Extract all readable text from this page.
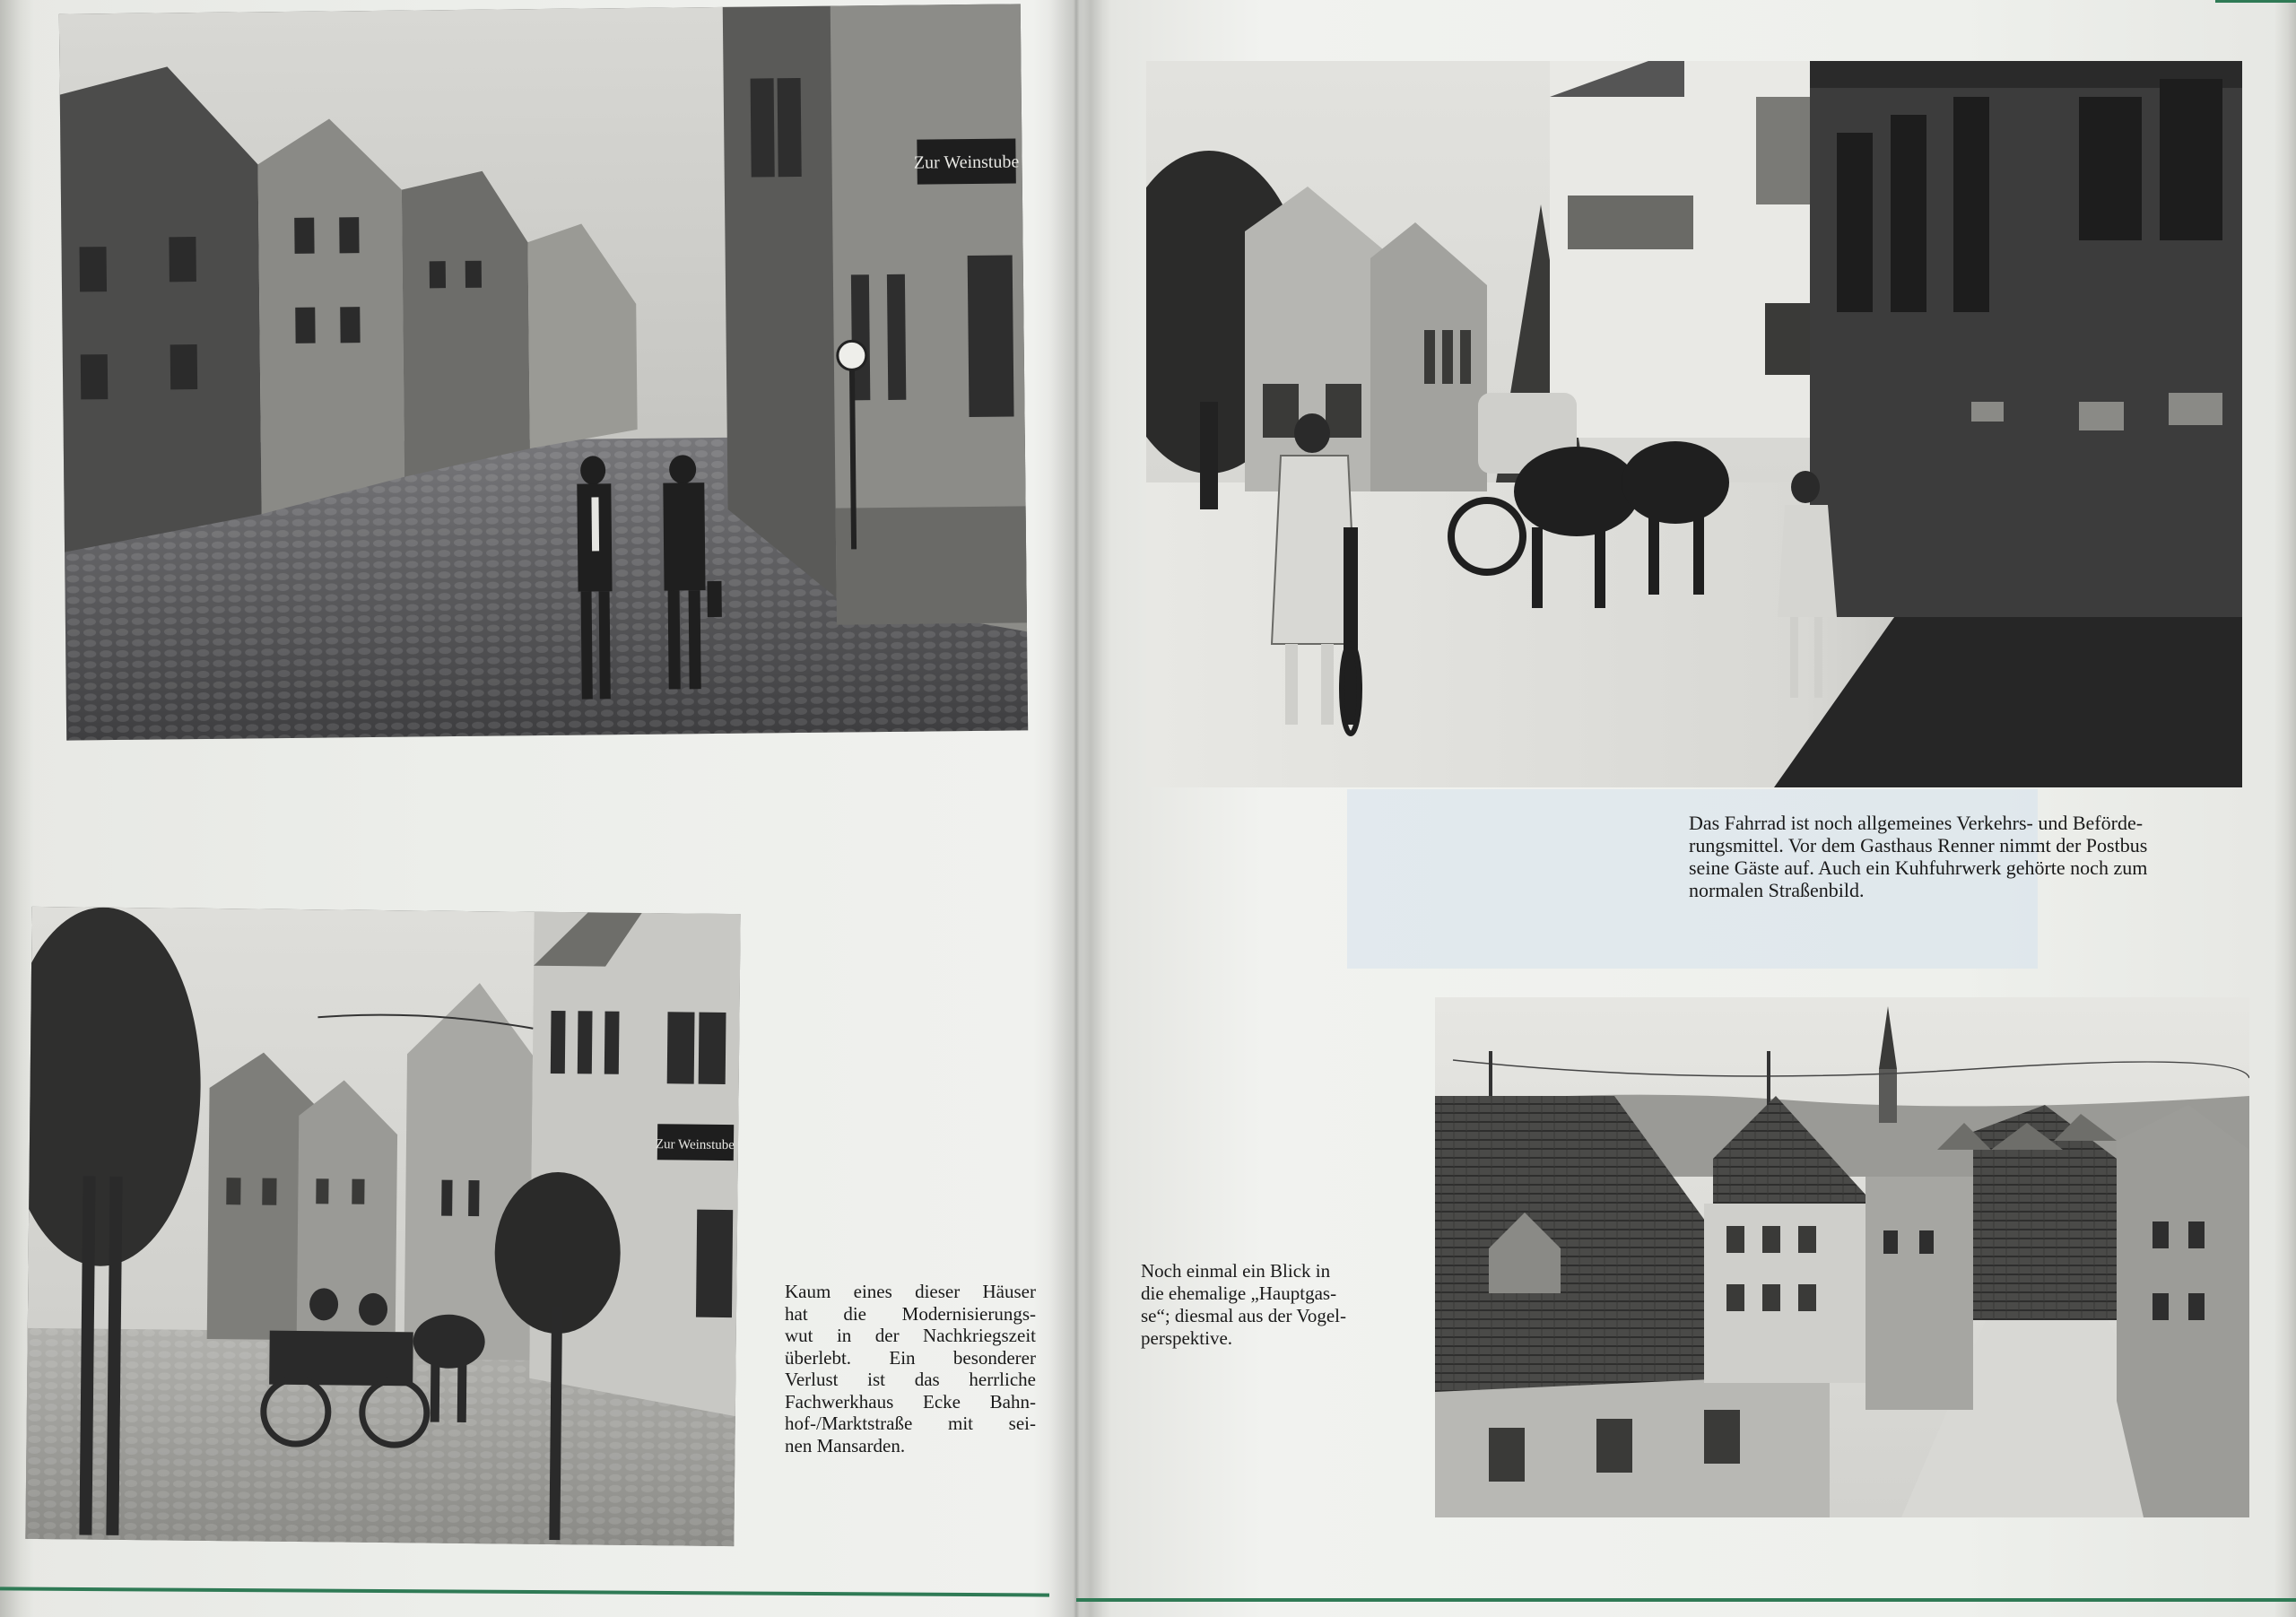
Zur Weinstube
Das Fahrrad ist noch allgemeines Verkehrs- und Beförde-
rungsmittel. Vor dem Gasthaus Renner nimmt der Postbus
seine Gäste auf. Auch ein Kuhfuhrwerk gehörte noch zum
normalen Straßenbild.
Zur Weinstube
Kaum eines dieser Häuser
hat die Modernisierungs-
wut in der Nachkriegszeit
überlebt. Ein besonderer
Verlust ist das herrliche
Fachwerkhaus Ecke Bahn-
hof-/Marktstraße mit sei-
nen Mansarden.
Noch einmal ein Blick in
die ehemalige „Hauptgas-
se“; diesmal aus der Vogel-
perspektive.
